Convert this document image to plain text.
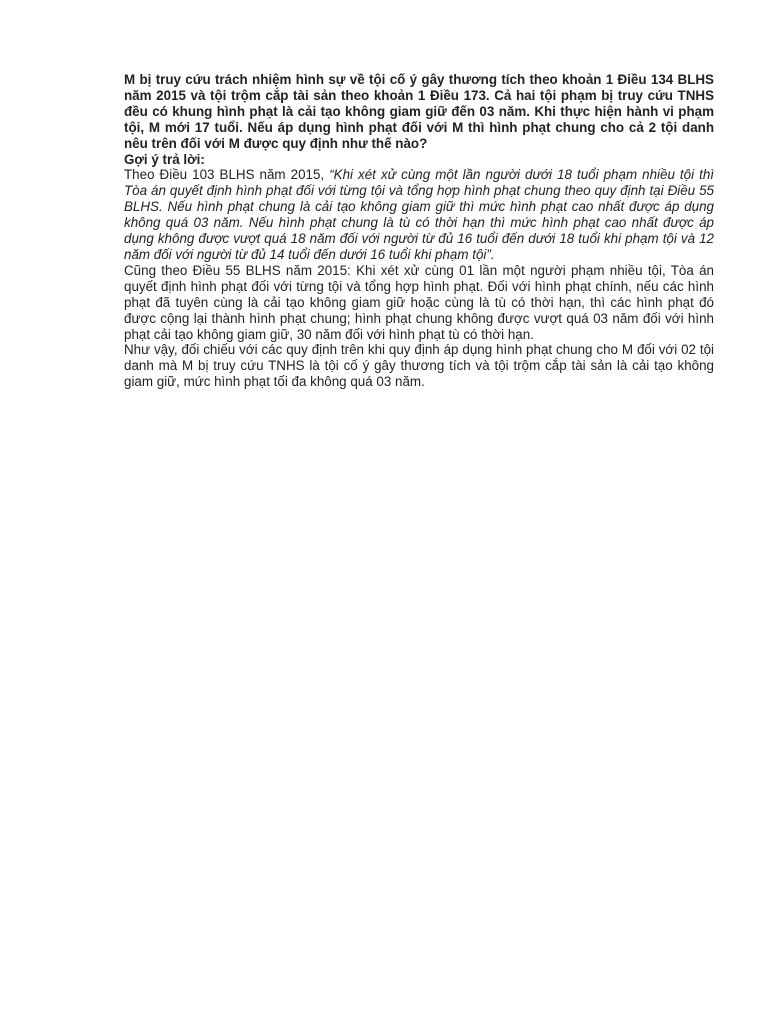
M bị truy cứu trách nhiệm hình sự về tội cố ý gây thương tích theo khoản 1 Điều 134 BLHS năm 2015 và tội trộm cắp tài sản theo khoản 1 Điều 173. Cả hai tội phạm bị truy cứu TNHS đều có khung hình phạt là cải tạo không giam giữ đến 03 năm. Khi thực hiện hành vi phạm tội, M mới 17 tuổi. Nếu áp dụng hình phạt đối với M thì hình phạt chung cho cả 2 tội danh nêu trên đối với M được quy định như thế nào?

Gợi ý trả lời:

Theo Điều 103 BLHS năm 2015, “Khi xét xử cùng một lần người dưới 18 tuổi phạm nhiều tội thì Tòa án quyết định hình phạt đối với từng tội và tổng hợp hình phạt chung theo quy định tại Điều 55 BLHS. Nếu hình phạt chung là cải tạo không giam giữ thì mức hình phạt cao nhất được áp dụng không quá 03 năm. Nếu hình phạt chung là tù có thời hạn thì mức hình phạt cao nhất được áp dụng không được vượt quá 18 năm đối với người từ đủ 16 tuổi đến dưới 18 tuổi khi phạm tội và 12 năm đối với người từ đủ 14 tuổi đến dưới 16 tuổi khi phạm tội”.

Cũng theo Điều 55 BLHS năm 2015: Khi xét xử cùng 01 lần một người phạm nhiều tội, Tòa án quyết định hình phạt đối với từng tội và tổng hợp hình phạt. Đối với hình phạt chính, nếu các hình phạt đã tuyên cùng là cải tạo không giam giữ hoặc cùng là tù có thời hạn, thì các hình phạt đó được cộng lại thành hình phạt chung; hình phạt chung không được vượt quá 03 năm đối với hình phạt cải tạo không giam giữ, 30 năm đối với hình phạt tù có thời hạn.

Như vậy, đối chiếu với các quy định trên khi quy định áp dụng hình phạt chung cho M đối với 02 tội danh mà M bị truy cứu TNHS là tội cố ý gây thương tích và tội trộm cắp tài sản là cải tạo không giam giữ, mức hình phạt tối đa không quá 03 năm.
